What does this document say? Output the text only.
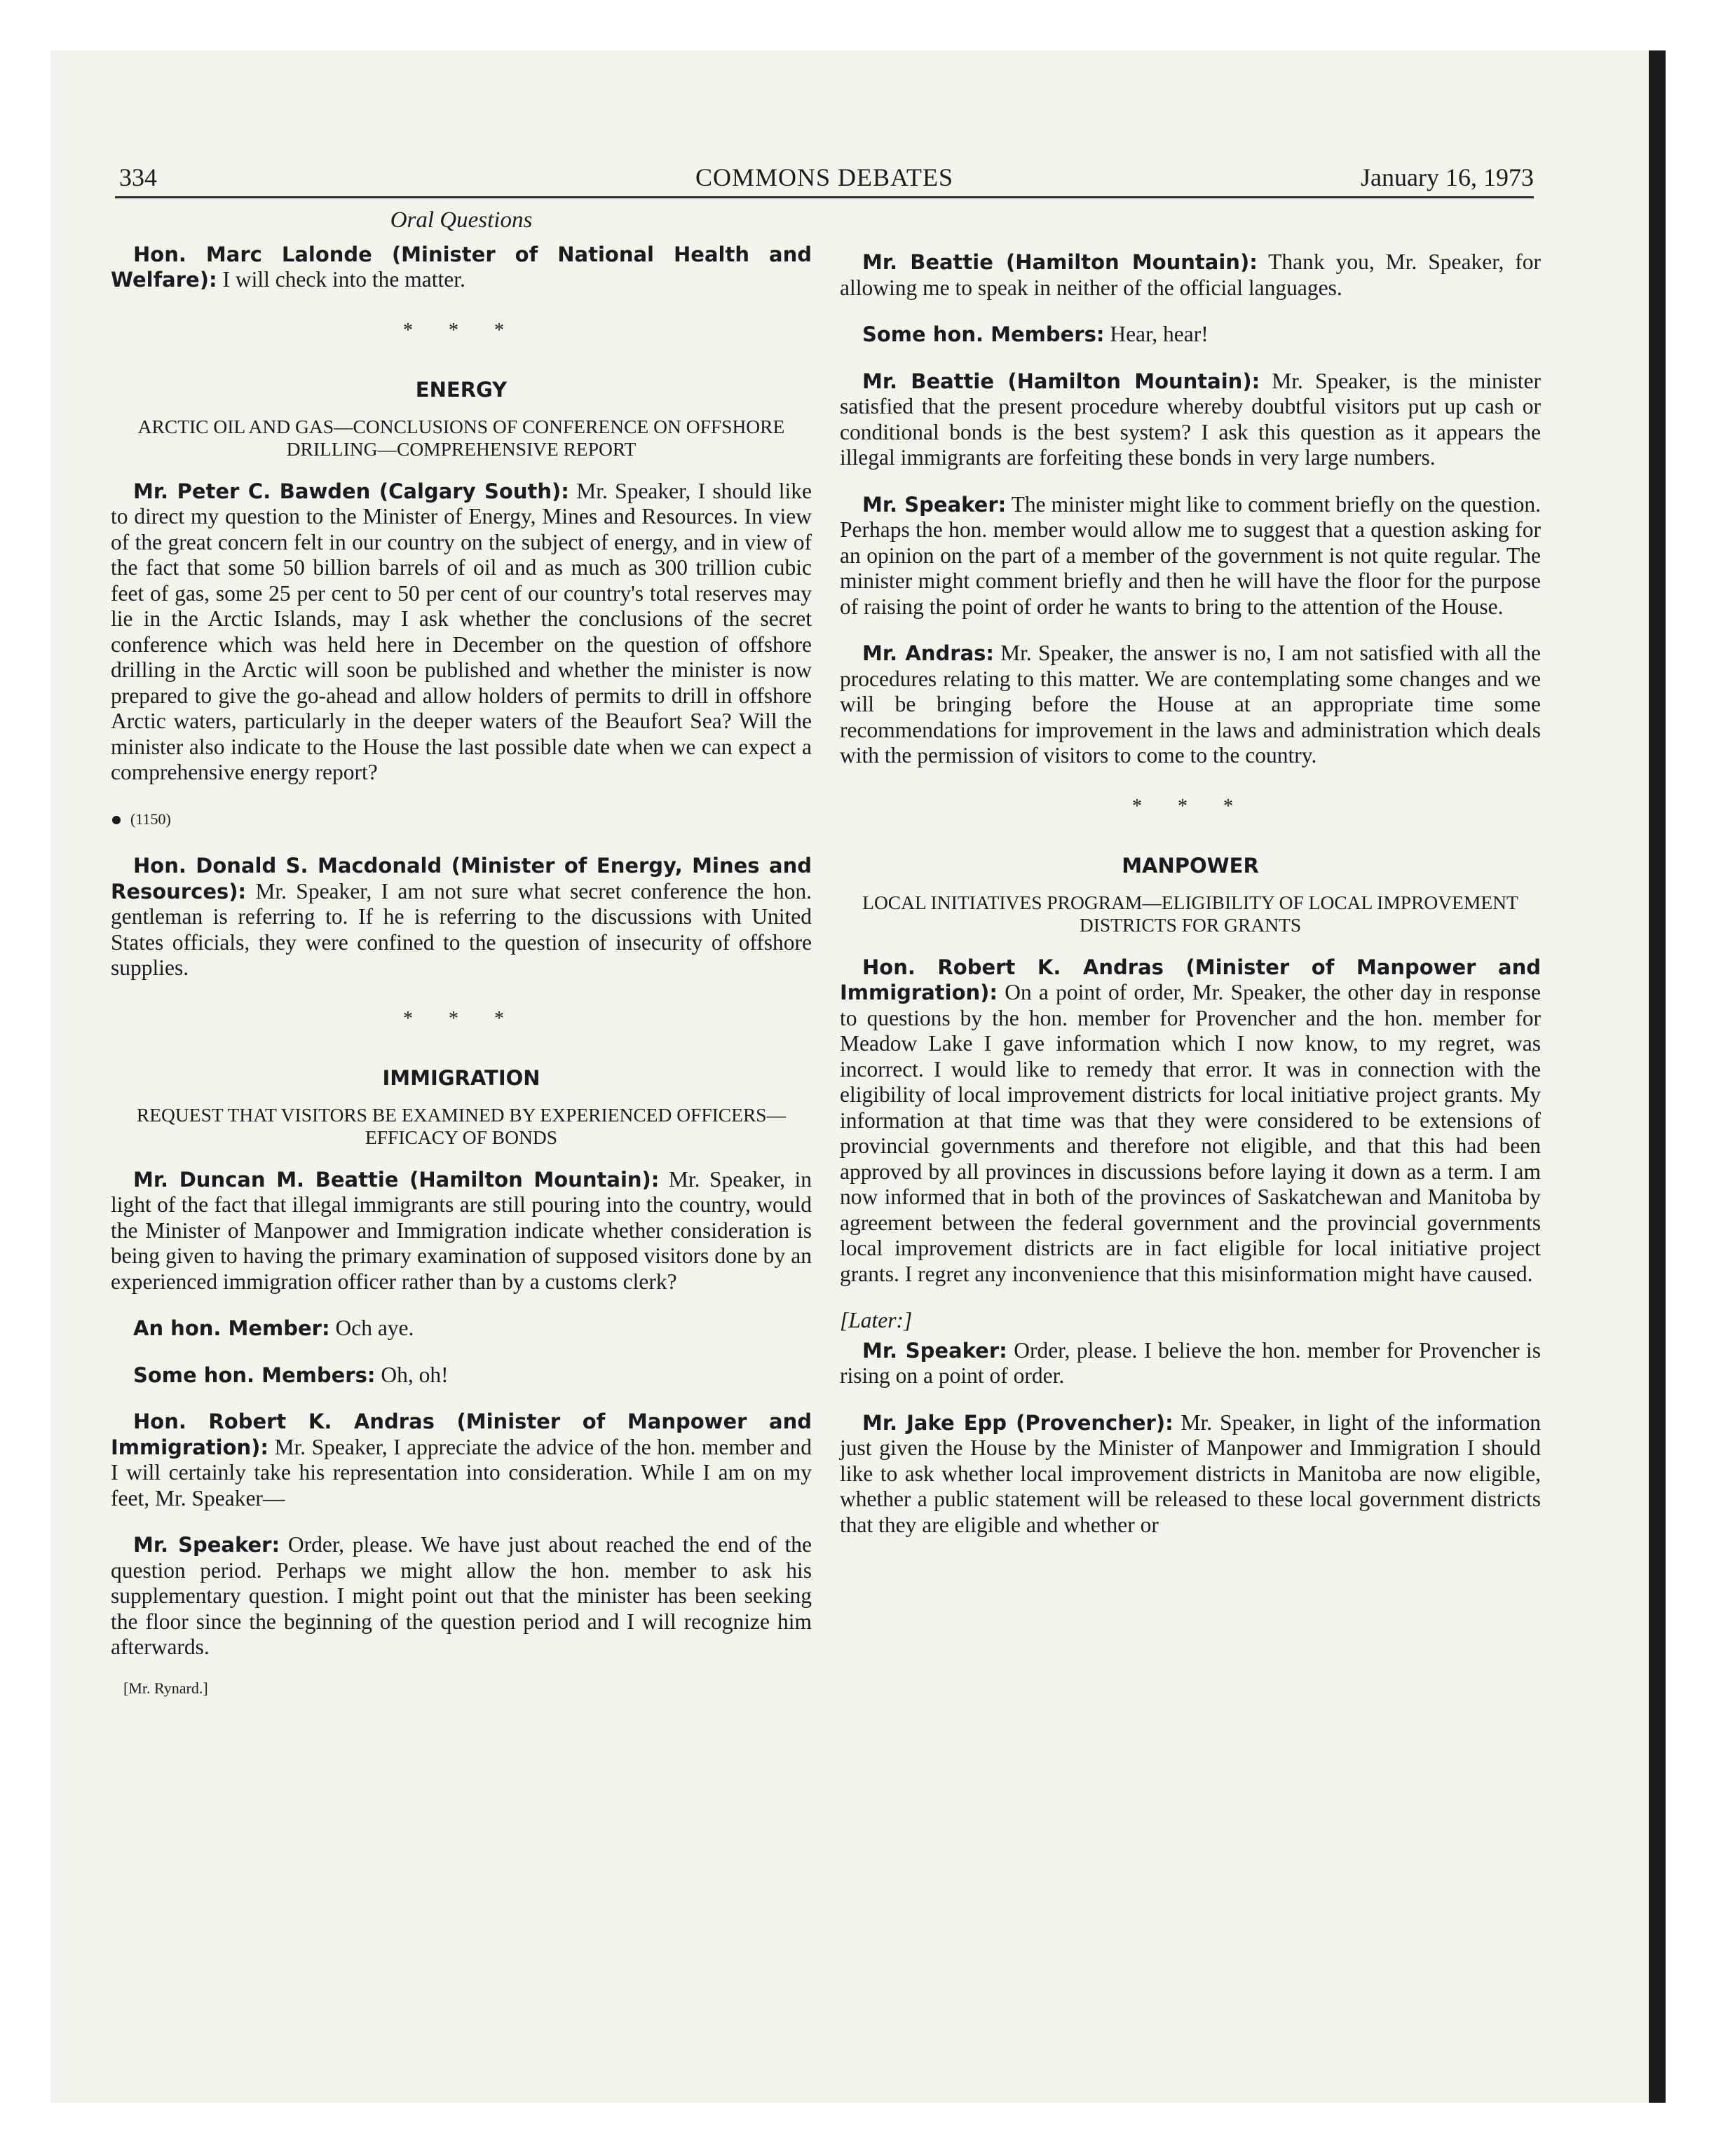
334	COMMONS DEBATES	January 16, 1973
Oral Questions

Hon. Marc Lalonde (Minister of National Health and Welfare): I will check into the matter.

* * *
ENERGY
ARCTIC OIL AND GAS—CONCLUSIONS OF CONFERENCE ON OFFSHORE DRILLING—COMPREHENSIVE REPORT

Mr. Peter C. Bawden (Calgary South): Mr. Speaker, I should like to direct my question to the Minister of Energy, Mines and Resources. In view of the great concern felt in our country on the subject of energy, and in view of the fact that some 50 billion barrels of oil and as much as 300 trillion cubic feet of gas, some 25 per cent to 50 per cent of our country's total reserves may lie in the Arctic Islands, may I ask whether the conclusions of the secret conference which was held here in December on the question of offshore drilling in the Arctic will soon be published and whether the minister is now prepared to give the go-ahead and allow holders of permits to drill in offshore Arctic waters, particularly in the deeper waters of the Beaufort Sea? Will the minister also indicate to the House the last possible date when we can expect a comprehensive energy report?

(1150)

Hon. Donald S. Macdonald (Minister of Energy, Mines and Resources): Mr. Speaker, I am not sure what secret conference the hon. gentleman is referring to. If he is referring to the discussions with United States officials, they were confined to the question of insecurity of offshore supplies.

* * *
IMMIGRATION
REQUEST THAT VISITORS BE EXAMINED BY EXPERIENCED OFFICERS—EFFICACY OF BONDS

Mr. Duncan M. Beattie (Hamilton Mountain): Mr. Speaker, in light of the fact that illegal immigrants are still pouring into the country, would the Minister of Manpower and Immigration indicate whether consideration is being given to having the primary examination of supposed visitors done by an experienced immigration officer rather than by a customs clerk?

An hon. Member: Och aye.

Some hon. Members: Oh, oh!

Hon. Robert K. Andras (Minister of Manpower and Immigration): Mr. Speaker, I appreciate the advice of the hon. member and I will certainly take his representation into consideration. While I am on my feet, Mr. Speaker—

Mr. Speaker: Order, please. We have just about reached the end of the question period. Perhaps we might allow the hon. member to ask his supplementary question. I might point out that the minister has been seeking the floor since the beginning of the question period and I will recognize him afterwards.

[Mr. Rynard.]

Mr. Beattie (Hamilton Mountain): Thank you, Mr. Speaker, for allowing me to speak in neither of the official languages.

Some hon. Members: Hear, hear!

Mr. Beattie (Hamilton Mountain): Mr. Speaker, is the minister satisfied that the present procedure whereby doubtful visitors put up cash or conditional bonds is the best system? I ask this question as it appears the illegal immigrants are forfeiting these bonds in very large numbers.

Mr. Speaker: The minister might like to comment briefly on the question. Perhaps the hon. member would allow me to suggest that a question asking for an opinion on the part of a member of the government is not quite regular. The minister might comment briefly and then he will have the floor for the purpose of raising the point of order he wants to bring to the attention of the House.

Mr. Andras: Mr. Speaker, the answer is no, I am not satisfied with all the procedures relating to this matter. We are contemplating some changes and we will be bringing before the House at an appropriate time some recommendations for improvement in the laws and administration which deals with the permission of visitors to come to the country.

* * *
MANPOWER
LOCAL INITIATIVES PROGRAM—ELIGIBILITY OF LOCAL IMPROVEMENT DISTRICTS FOR GRANTS

Hon. Robert K. Andras (Minister of Manpower and Immigration): On a point of order, Mr. Speaker, the other day in response to questions by the hon. member for Provencher and the hon. member for Meadow Lake I gave information which I now know, to my regret, was incorrect. I would like to remedy that error. It was in connection with the eligibility of local improvement districts for local initiative project grants. My information at that time was that they were considered to be extensions of provincial governments and therefore not eligible, and that this had been approved by all provinces in discussions before laying it down as a term. I am now informed that in both of the provinces of Saskatchewan and Manitoba by agreement between the federal government and the provincial governments local improvement districts are in fact eligible for local initiative project grants. I regret any inconvenience that this misinformation might have caused.

[Later:]

Mr. Speaker: Order, please. I believe the hon. member for Provencher is rising on a point of order.

Mr. Jake Epp (Provencher): Mr. Speaker, in light of the information just given the House by the Minister of Manpower and Immigration I should like to ask whether local improvement districts in Manitoba are now eligible, whether a public statement will be released to these local government districts that they are eligible and whether or
